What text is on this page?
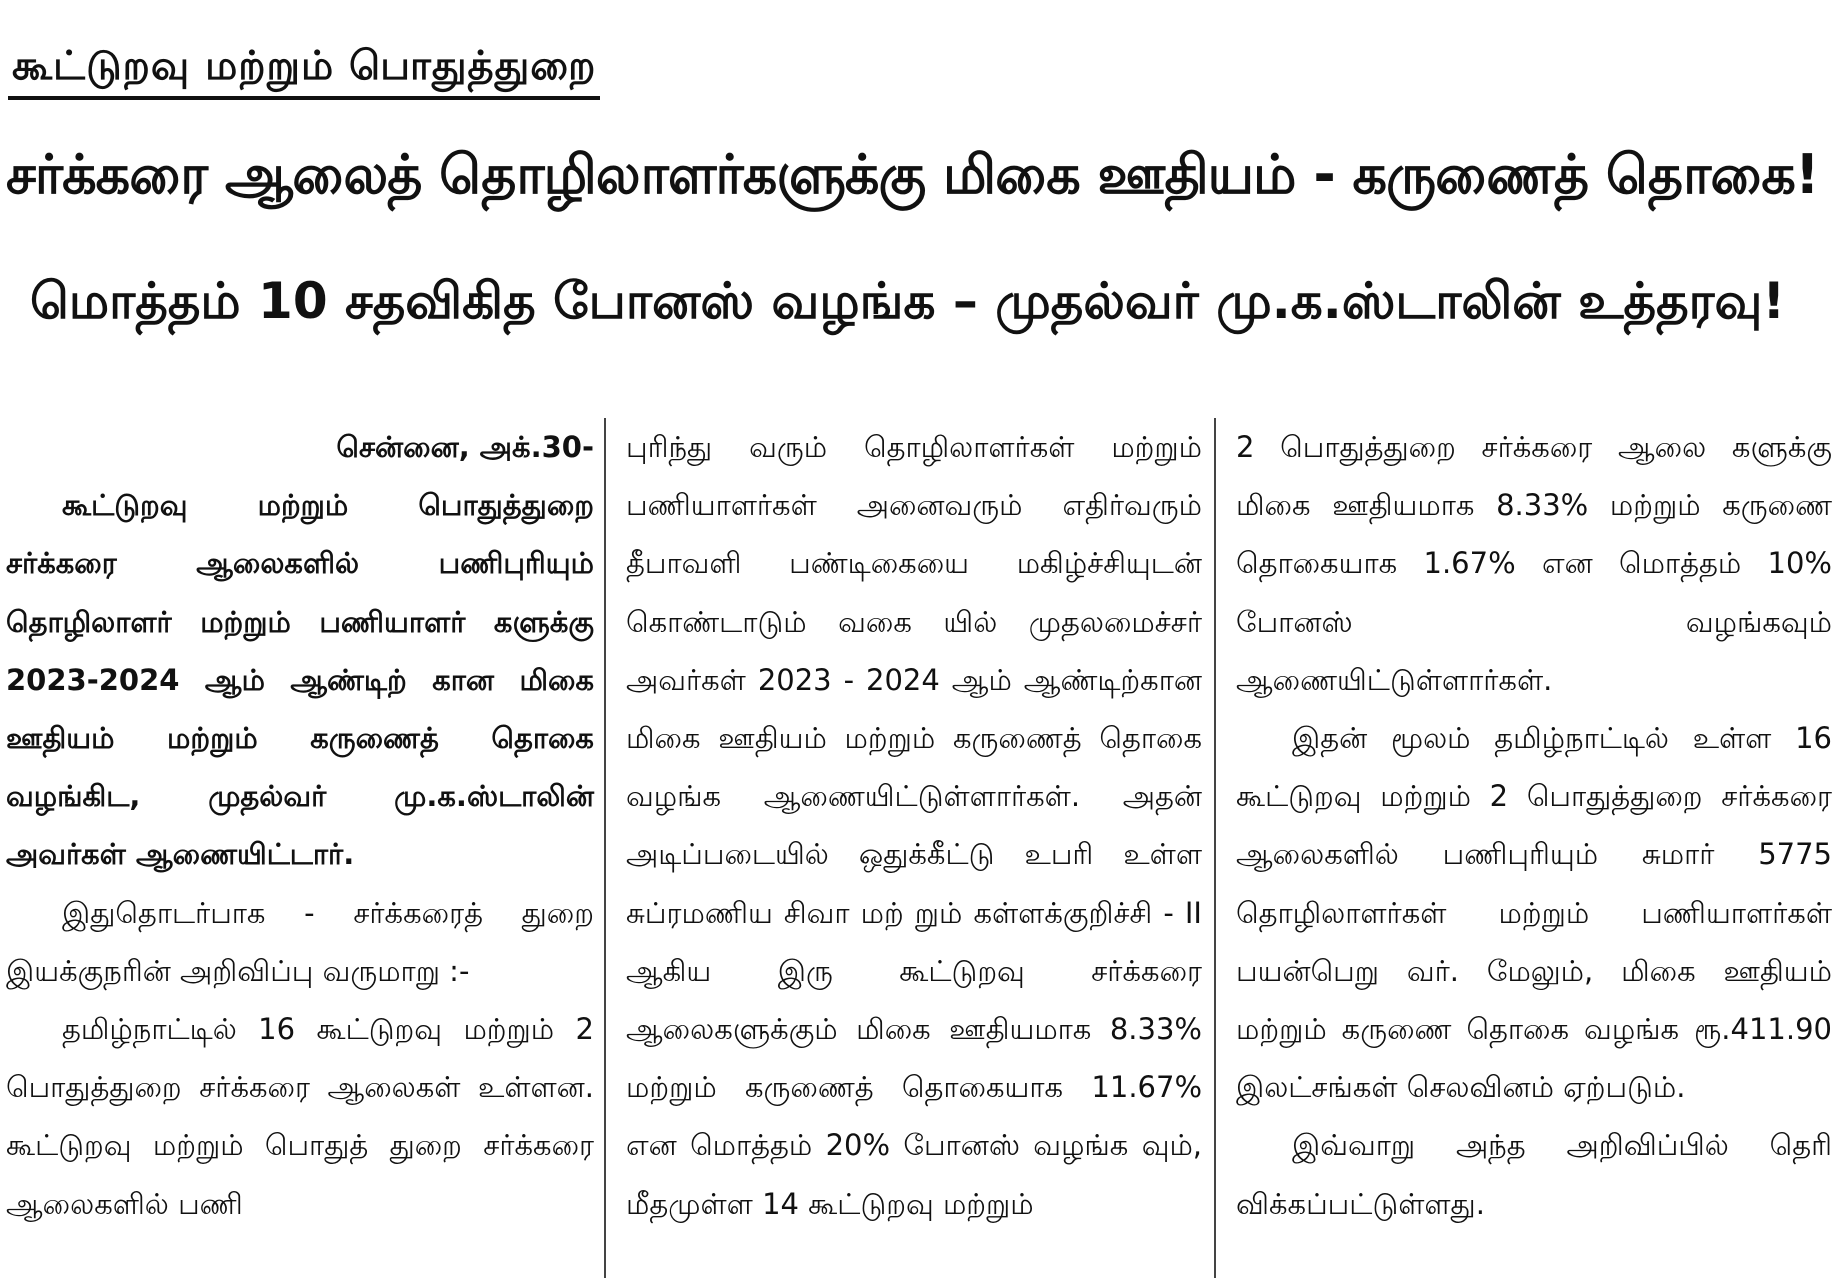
கூட்டுறவு மற்றும் பொதுத்துறை
சர்க்கரை ஆலைத் தொழிலாளர்களுக்கு மிகை ஊதியம் - கருணைத் தொகை!
மொத்தம் 10 சதவிகித போனஸ் வழங்க – முதல்வர் மு.க.ஸ்டாலின் உத்தரவு!
சென்னை, அக்.30-

கூட்டுறவு மற்றும் பொதுத்துறை சர்க்கரை ஆலைகளில் பணிபுரியும் தொழிலாளர் மற்றும் பணியாளர் களுக்கு 2023-2024 ஆம் ஆண்டிற் கான மிகை ஊதியம் மற்றும் கருணைத் தொகை வழங்கிட, முதல்வர் மு.க.ஸ்டாலின் அவர்கள் ஆணையிட்டார்.

இதுதொடர்பாக - சர்க்கரைத் துறை இயக்குநரின் அறிவிப்பு வருமாறு :-

தமிழ்நாட்டில் 16 கூட்டுறவு மற்றும் 2 பொதுத்துறை சர்க்கரை ஆலைகள் உள்ளன. கூட்டுறவு மற்றும் பொதுத் துறை சர்க்கரை ஆலைகளில் பணி

புரிந்து வரும் தொழிலாளர்கள் மற்றும் பணியாளர்கள் அனைவரும் எதிர்வரும் தீபாவளி பண்டிகையை மகிழ்ச்சியுடன் கொண்டாடும் வகை யில் முதலமைச்சர் அவர்கள் 2023 - 2024 ஆம் ஆண்டிற்கான மிகை ஊதியம் மற்றும் கருணைத் தொகை வழங்க ஆணையிட்டுள்ளார்கள். அதன் அடிப்படையில் ஒதுக்கீட்டு உபரி உள்ள சுப்ரமணிய சிவா மற் றும் கள்ளக்குறிச்சி - II ஆகிய இரு கூட்டுறவு சர்க்கரை ஆலைகளுக்கும் மிகை ஊதியமாக 8.33% மற்றும் கருணைத் தொகையாக 11.67% என மொத்தம் 20% போனஸ் வழங்க வும், மீதமுள்ள 14 கூட்டுறவு மற்றும்

2 பொதுத்துறை சர்க்கரை ஆலை களுக்கு மிகை ஊதியமாக 8.33% மற்றும் கருணை தொகையாக 1.67% என மொத்தம் 10% போனஸ் வழங்கவும் ஆணையிட்டுள்ளார்கள்.

இதன் மூலம் தமிழ்நாட்டில் உள்ள 16 கூட்டுறவு மற்றும் 2 பொதுத்துறை சர்க்கரை ஆலைகளில் பணிபுரியும் சுமார் 5775 தொழிலாளர்கள் மற்றும் பணியாளர்கள் பயன்பெறு வர். மேலும், மிகை ஊதியம் மற்றும் கருணை தொகை வழங்க ரூ.411.90 இலட்சங்கள் செலவினம் ஏற்படும்.

இவ்வாறு அந்த அறிவிப்பில் தெரி விக்கப்பட்டுள்ளது.
